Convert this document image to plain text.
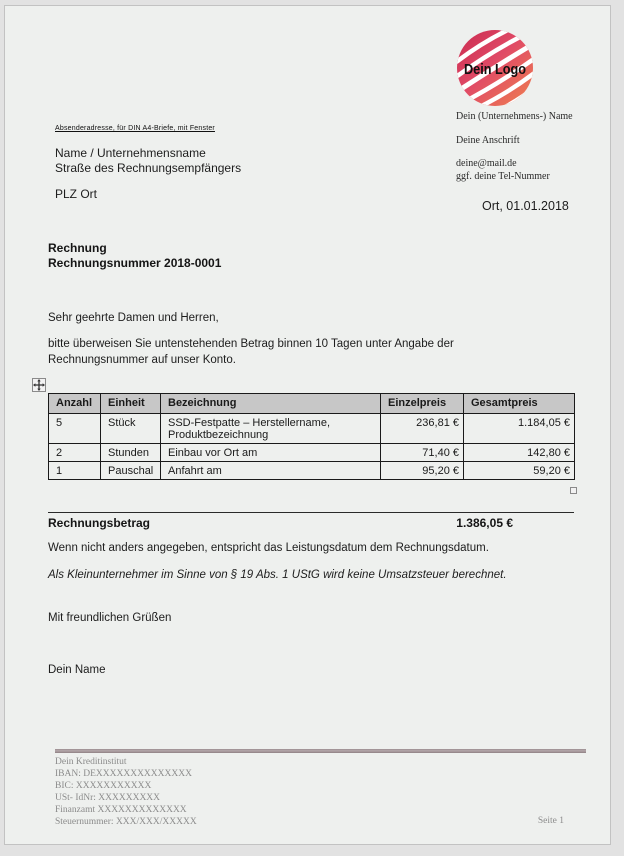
Dein Logo
Absenderadresse, für DIN A4-Briefe, mit Fenster
Name / Unternehmensname
Straße des Rechnungsempfängers
PLZ Ort
Dein (Unternehmens-) Name
Deine Anschrift
deine@mail.de
ggf. deine Tel-Nummer
Ort, 01.01.2018
Rechnung
Rechnungsnummer 2018-0001
Sehr geehrte Damen und Herren,
bitte überweisen Sie untenstehenden Betrag binnen 10 Tagen unter Angabe der
Rechnungsnummer auf unser Konto.
Anzahl	Einheit	Bezeichnung	Einzelpreis	Gesamtpreis
5	Stück	SSD-Festpatte – Herstellername, Produktbezeichnung	236,81 €	1.184,05 €
2	Stunden	Einbau vor Ort am	71,40 €	142,80 €
1	Pauschal	Anfahrt am	95,20 €	59,20 €
Rechnungsbetrag	1.386,05 €
Wenn nicht anders angegeben, entspricht das Leistungsdatum dem Rechnungsdatum.
Als Kleinunternehmer im Sinne von § 19 Abs. 1 UStG wird keine Umsatzsteuer berechnet.
Mit freundlichen Grüßen
Dein Name
Dein Kreditinstitut
IBAN: DEXXXXXXXXXXXXXX
BIC: XXXXXXXXXXX
USt- IdNr: XXXXXXXXX
Finanzamt XXXXXXXXXXXXX
Steuernummer: XXX/XXX/XXXXX	Seite 1
